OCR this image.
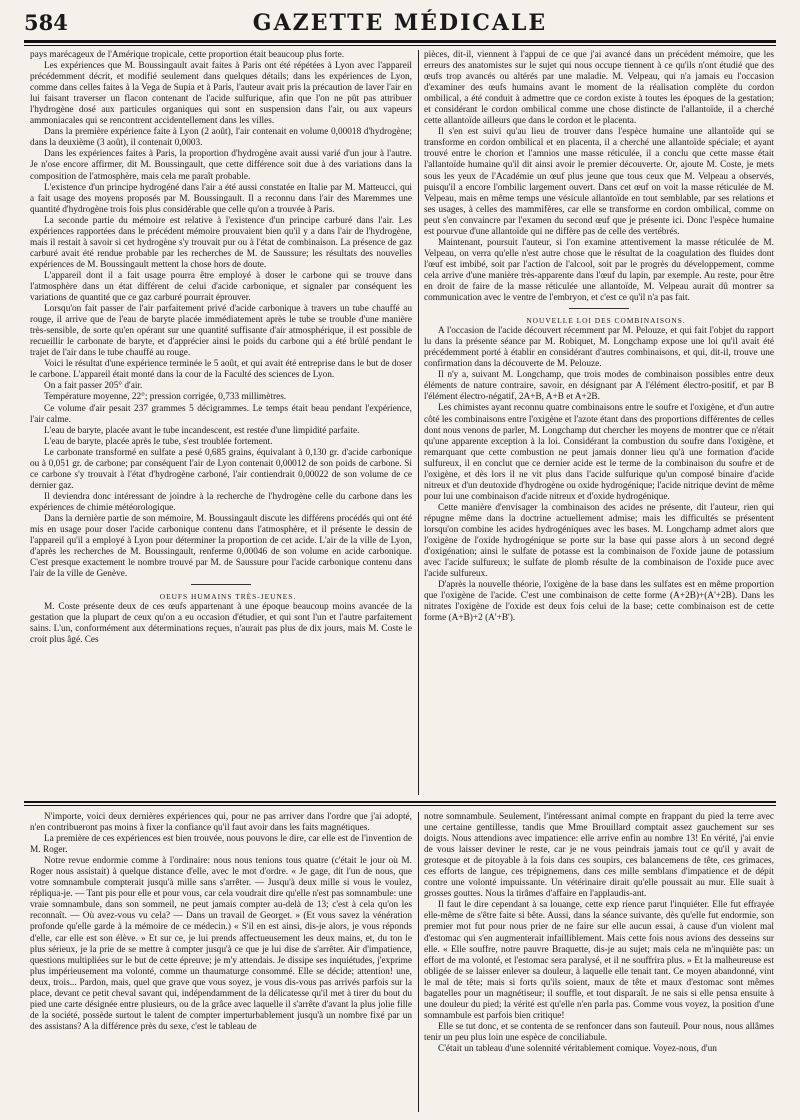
584	GAZETTE MÉDICALE

pays marécageux de l'Amérique tropicale, cette proportion était beaucoup plus forte.

Les expériences que M. Boussingault avait faites à Paris ont été répétées à Lyon avec l'appareil précédemment décrit, et modifié seulement dans quelques détails; dans les expériences de Lyon, comme dans celles faites à la Vega de Supia et à Paris, l'auteur avait pris la précaution de laver l'air en lui faisant traverser un flacon contenant de l'acide sulfurique, afin que l'on ne pût pas attribuer l'hydrogène dosé aux particules organiques qui sont en suspension dans l'air, ou aux vapeurs ammoniacales qui se rencontrent accidentellement dans les villes.

Dans la première expérience faite à Lyon (2 août), l'air contenait en volume 0,00018 d'hydrogène; dans la deuxième (3 août), il contenait 0,0003.

Dans les expériences faites à Paris, la proportion d'hydrogène avait aussi varié d'un jour à l'autre. Je n'ose encore affirmer, dit M. Boussingault, que cette différence soit due à des variations dans la composition de l'atmosphère, mais cela me paraît probable.

L'existence d'un principe hydrogéné dans l'air a été aussi constatée en Italie par M. Matteucci, qui a fait usage des moyens proposés par M. Boussingault. Il a reconnu dans l'air des Maremmes une quantité d'hydrogène trois fois plus considérable que celle qu'on a trouvée à Paris.

La seconde partie du mémoire est relative à l'existence d'un principe carburé dans l'air. Les expériences rapportées dans le précédent mémoire prouvaient bien qu'il y a dans l'air de l'hydrogène, mais il restait à savoir si cet hydrogène s'y trouvait pur ou à l'état de combinaison. La présence de gaz carburé avait été rendue probable par les recherches de M. de Saussure; les résultats des nouvelles expériences de M. Boussingault mettent la chose hors de doute.

L'appareil dont il a fait usage pourra être employé à doser le carbone qui se trouve dans l'atmosphère dans un état différent de celui d'acide carbonique, et signaler par conséquent les variations de quantité que ce gaz carburé pourrait éprouver.

Lorsqu'on fait passer de l'air parfaitement privé d'acide carbonique à travers un tube chauffé au rouge, il arrive que de l'eau de baryte placée immédiatement après le tube se trouble d'une manière très-sensible, de sorte qu'en opérant sur une quantité suffisante d'air atmosphérique, il est possible de recueillir le carbonate de baryte, et d'apprécier ainsi le poids du carbone qui a été brûlé pendant le trajet de l'air dans le tube chauffé au rouge.

Voici le résultat d'une expérience terminée le 5 août, et qui avait été entreprise dans le but de doser le carbone. L'appareil était monté dans la cour de la Faculté des sciences de Lyon.

On a fait passer 205° d'air.

Température moyenne, 22°; pression corrigée, 0,733 millimètres.

Ce volume d'air pesait 237 grammes 5 décigrammes. Le temps était beau pendant l'expérience, l'air calme.

L'eau de baryte, placée avant le tube incandescent, est restée d'une limpidité parfaite.

L'eau de baryte, placée après le tube, s'est troublée fortement.

Le carbonate transformé en sulfate a pesé 0,685 grains, équivalant à 0,130 gr. d'acide carbonique ou à 0,051 gr. de carbone; par conséquent l'air de Lyon contenait 0,00012 de son poids de carbone. Si ce carbone s'y trouvait à l'état d'hydrogène carboné, l'air contiendrait 0,00022 de son volume de ce dernier gaz.

Il deviendra donc intéressant de joindre à la recherche de l'hydrogène celle du carbone dans les expériences de chimie météorologique.

Dans la dernière partie de son mémoire, M. Boussingault discute les différens procédés qui ont été mis en usage pour doser l'acide carbonique contenu dans l'atmosphère, et il présente le dessin de l'appareil qu'il a employé à Lyon pour déterminer la proportion de cet acide. L'air de la ville de Lyon, d'après les recherches de M. Boussingault, renferme 0,00046 de son volume en acide carbonique. C'est presque exactement le nombre trouvé par M. de Saussure pour l'acide carbonique contenu dans l'air de la ville de Genève.

OEUFS HUMAINS TRÈS-JEUNES.

M. Coste présente deux de ces œufs appartenant à une époque beaucoup moins avancée de la gestation que la plupart de ceux qu'on a eu occasion d'étudier, et qui sont l'un et l'autre parfaitement sains. L'un, conformément aux déterminations reçues, n'aurait pas plus de dix jours, mais M. Coste le croit plus âgé. Ces

pièces, dit-il, viennent à l'appui de ce que j'ai avancé dans un précédent mémoire, que les erreurs des anatomistes sur le sujet qui nous occupe tiennent à ce qu'ils n'ont étudié que des œufs trop avancés ou altérés par une maladie. M. Velpeau, qui n'a jamais eu l'occasion d'examiner des œufs humains avant le moment de la réalisation complète du cordon ombilical, a été conduit à admettre que ce cordon existe à toutes les époques de la gestation; et considérant le cordon ombilical comme une chose distincte de l'allantoïde, il a cherché cette allantoïde ailleurs que dans le cordon et le placenta.

Il s'en est suivi qu'au lieu de trouver dans l'espèce humaine une allantoïde qui se transforme en cordon ombilical et en placenta, il a cherché une allantoïde spéciale; et ayant trouvé entre le chorion et l'amnios une masse réticulée, il a conclu que cette masse était l'allantoïde humaine qu'il dit ainsi avoir le premier découverte. Or, ajoute M. Coste, je mets sous les yeux de l'Académie un œuf plus jeune que tous ceux que M. Velpeau a observés, puisqu'il a encore l'ombilic largement ouvert. Dans cet œuf on voit la masse réticulée de M. Velpeau, mais en même temps une vésicule allantoïde en tout semblable, par ses relations et ses usages, à celles des mammifères, car elle se transforme en cordon ombilical, comme on peut s'en convaincre par l'examen du second œuf que je présente ici. Donc l'espèce humaine est pourvue d'une allantoïde qui ne diffère pas de celle des vertébrés.

Maintenant, poursuit l'auteur, si l'on examine attentivement la masse réticulée de M. Velpeau, on verra qu'elle n'est autre chose que le résultat de la coagulation des fluides dont l'œuf est imbibé, soit par l'action de l'alcool, soit par le progrès du développement, comme cela arrive d'une manière très-apparente dans l'œuf du lapin, par exemple. Au reste, pour être en droit de faire de la masse réticulée une allantoïde, M. Velpeau aurait dû montrer sa communication avec le ventre de l'embryon, et c'est ce qu'il n'a pas fait.

NOUVELLE LOI DES COMBINAISONS.

A l'occasion de l'acide découvert récemment par M. Pelouze, et qui fait l'objet du rapport lu dans la présente séance par M. Robiquet, M. Longchamp expose une loi qu'il avait été précédemment porté à établir en considérant d'autres combinaisons, et qui, dit-il, trouve une confirmation dans la découverte de M. Pelouze.

Il n'y a, suivant M. Longchamp, que trois modes de combinaison possibles entre deux éléments de nature contraire, savoir, en désignant par A l'élément électro-positif, et par B l'élément électro-négatif, 2A+B, A+B et A+2B.

Les chimistes ayant reconnu quatre combinaisons entre le soufre et l'oxigène, et d'un autre côté les combinaisons entre l'oxigène et l'azote étant dans des proportions différentes de celles dont nous venons de parler, M. Longchamp dut chercher les moyens de montrer que ce n'était qu'une apparente exception à la loi. Considérant la combustion du soufre dans l'oxigène, et remarquant que cette combustion ne peut jamais donner lieu qu'à une formation d'acide sulfureux, il en conclut que ce dernier acide est le terme de la combinaison du soufre et de l'oxigène, et dès lors il ne vit plus dans l'acide sulfurique qu'un composé binaire d'acide nitreux et d'un deutoxide d'hydrogène ou oxide hydrogénique; l'acide nitrique devint de même pour lui une combinaison d'acide nitreux et d'oxide hydrogénique.

Cette manière d'envisager la combinaison des acides ne présente, dit l'auteur, rien qui répugne même dans la doctrine actuellement admise; mais les difficultés se présentent lorsqu'on combine les acides hydrogéniques avec les bases. M. Longchamp admet alors que l'oxigène de l'oxide hydrogénique se porte sur la base qui passe alors à un second degré d'oxigénation; ainsi le sulfate de potasse est la combinaison de l'oxide jaune de potassium avec l'acide sulfureux; le sulfate de plomb résulte de la combinaison de l'oxide puce avec l'acide sulfureux.

D'après la nouvelle théorie, l'oxigène de la base dans les sulfates est en même proportion que l'oxigène de l'acide. C'est une combinaison de cette forme (A+2B)+(A'+2B). Dans les nitrates l'oxigène de l'oxide est deux fois celui de la base; cette combinaison est de cette forme (A+B)+2 (A'+B').

N'importe, voici deux dernières expériences qui, pour ne pas arriver dans l'ordre que j'ai adopté, n'en contribueront pas moins à fixer la confiance qu'il faut avoir dans les faits magnétiques.

La première de ces expériences est bien trouvée, nous pouvons le dire, car elle est de l'invention de M. Roger.

Notre revue endormie comme à l'ordinaire: nous nous tenions tous quatre (c'était le jour où M. Roger nous assistait) à quelque distance d'elle, avec le mot d'ordre. « Je gage, dit l'un de nous, que votre somnambule compterait jusqu'à mille sans s'arrêter. — Jusqu'à deux mille si vous le voulez, répliqua-je. — Tant pis pour elle et pour vous, car cela voudrait dire qu'elle n'est pas somnambule: une vraie somnambule, dans son sommeil, ne peut jamais compter au-delà de 13; c'est à cela qu'on les reconnaît. — Où avez-vous vu cela? — Dans un travail de Georget. » (Et vous savez la vénération profonde qu'elle garde à la mémoire de ce médecin.) « S'il en est ainsi, dis-je alors, je vous réponds d'elle, car elle est son élève. » Et sur ce, je lui prends affectueusement les deux mains, et, du ton le plus sérieux, je la prie de se mettre à compter jusqu'à ce que je lui dise de s'arrêter. Air d'impatience, questions multipliées sur le but de cette épreuve; je m'y attendais. Je dissipe ses inquiétudes, j'exprime plus impérieusement ma volonté, comme un thaumaturge consommé. Elle se décide; attention! une, deux, trois... Pardon, mais, quel que grave que vous soyez, je vous dis-vous pas arrivés parfois sur la place, devant ce petit cheval savant qui, indépendamment de la délicatesse qu'il met à tirer du bout du pied une carte désignée entre plusieurs, ou de la grâce avec laquelle il s'arrête d'avant la plus jolie fille de la société, possède surtout le talent de compter imperturbablement jusqu'à un nombre fixé par un des assistans? A la différence près du sexe, c'est le tableau de

notre somnambule. Seulement, l'intéressant animal compte en frappant du pied la terre avec une certaine gentillesse, tandis que Mme Brouillard comptait assez gauchement sur ses doigts. Nous attendions avec impatience: elle arrive enfin au nombre 13! En vérité, j'ai envie de vous laisser deviner le reste, car je ne vous peindrais jamais tout ce qu'il y avait de grotesque et de pitoyable à la fois dans ces soupirs, ces balancemens de tête, ces grimaces, ces efforts de langue, ces trépignemens, dans ces mille semblans d'impatience et de dépit contre une volonté impuissante. Un vétérinaire dirait qu'elle poussait au mur. Elle suait à grosses gouttes. Nous la tirâmes d'affaire en l'applaudis-ant.

Il faut le dire cependant à sa louange, cette exp rience parut l'inquiéter. Elle fut effrayée elle-même de s'être faite si bête. Aussi, dans la séance suivante, dès qu'elle fut endormie, son premier mot fut pour nous prier de ne faire sur elle aucun essai, à cause d'un violent mal d'estomac qui s'en augmenterait infailliblement. Mais cette fois nous avions des desseins sur elle. « Elle souffre, notre pauvre Braquette, dis-je au sujet; mais cela ne m'inquiète pas: un effort de ma volonté, et l'estomac sera paralysé, et il ne souffrira plus. » Et la malheureuse est obligée de se laisser enlever sa douleur, à laquelle elle tenait tant. Ce moyen abandonné, vint le mal de tête; mais si forts qu'ils soient, maux de tête et maux d'estomac sont mêmes bagatelles pour un magnétiseur; il souffle, et tout disparaît. Je ne sais si elle pensa ensuite à une douleur du pied; la vérité est qu'elle n'en parla pas. Comme vous voyez, la position d'une somnambule est parfois bien critique!

Elle se tut donc, et se contenta de se renfoncer dans son fauteuil. Pour nous, nous allâmes tenir un peu plus loin une espèce de conciliabule.

C'était un tableau d'une solennité véritablement comique. Voyez-nous, d'un
